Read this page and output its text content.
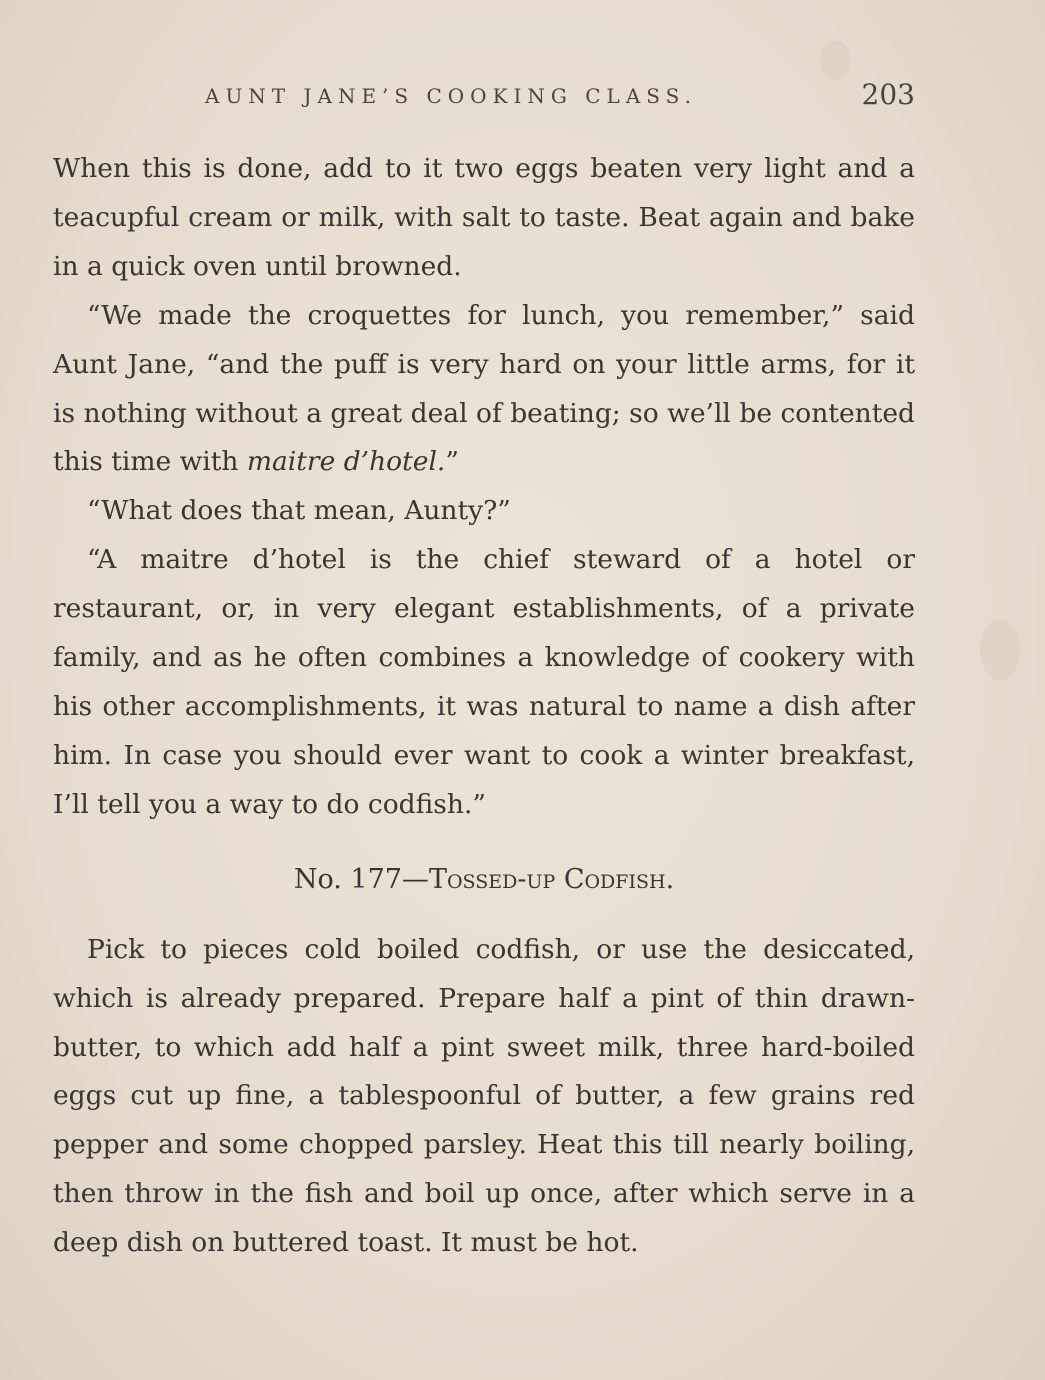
AUNT JANE’S COOKING CLASS.	203

When this is done, add to it two eggs beaten very light and a teacupful cream or milk, with salt to taste. Beat again and bake in a quick oven until browned.

“We made the croquettes for lunch, you remember,” said Aunt Jane, “and the puff is very hard on your little arms, for it is nothing without a great deal of beating; so we’ll be contented this time with maitre d’hotel.”

“What does that mean, Aunty?”

“A maitre d’hotel is the chief steward of a hotel or restaurant, or, in very elegant establishments, of a private family, and as he often combines a knowledge of cookery with his other accomplishments, it was natural to name a dish after him. In case you should ever want to cook a winter breakfast, I’ll tell you a way to do codfish.”

No. 177—Tossed-up Codfish.

Pick to pieces cold boiled codfish, or use the desiccated, which is already prepared. Prepare half a pint of thin drawn-butter, to which add half a pint sweet milk, three hard-boiled eggs cut up fine, a tablespoonful of butter, a few grains red pepper and some chopped parsley. Heat this till nearly boiling, then throw in the fish and boil up once, after which serve in a deep dish on buttered toast. It must be hot.
